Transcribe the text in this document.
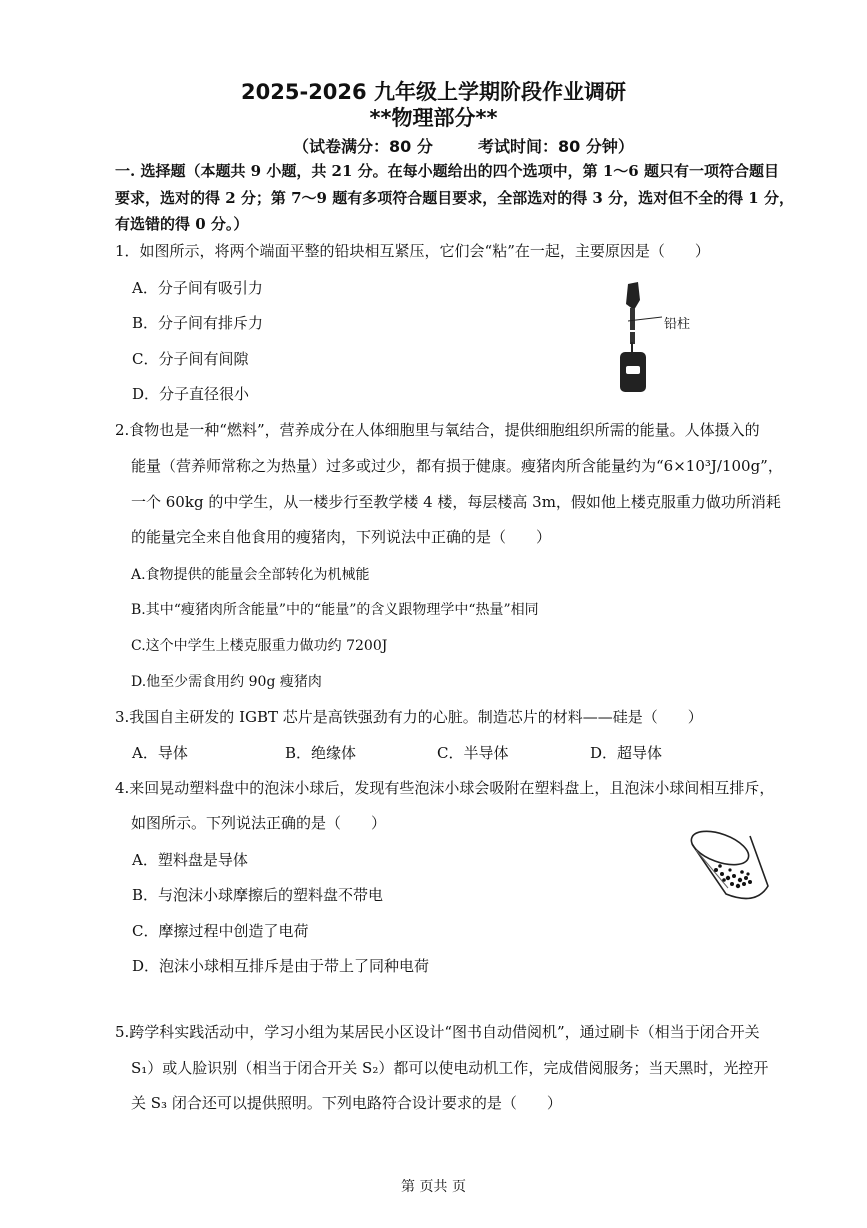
2025-2026 九年级上学期阶段作业调研
**物理部分**
（试卷满分：80 分	考试时间：80 分钟）
一. 选择题（本题共 9 小题，共 21 分。在每小题给出的四个选项中，第 1～6 题只有一项符合题目
要求，选对的得 2 分；第 7～9 题有多项符合题目要求，全部选对的得 3 分，选对但不全的得 1 分，
有选错的得 0 分。）
1．如图所示，将两个端面平整的铅块相互紧压，它们会“粘”在一起，主要原因是（　　）
A．分子间有吸引力
B．分子间有排斥力
C．分子间有间隙
D．分子直径很小
铅柱
2.食物也是一种“燃料”，营养成分在人体细胞里与氧结合，提供细胞组织所需的能量。人体摄入的
能量（营养师常称之为热量）过多或过少，都有损于健康。瘦猪肉所含能量约为“6×10³J/100g”，
一个 60kg 的中学生，从一楼步行至教学楼 4 楼，每层楼高 3m，假如他上楼克服重力做功所消耗
的能量完全来自他食用的瘦猪肉，下列说法中正确的是（　　）
A.食物提供的能量会全部转化为机械能
B.其中“瘦猪肉所含能量”中的“能量”的含义跟物理学中“热量”相同
C.这个中学生上楼克服重力做功约 7200J
D.他至少需食用约 90g 瘦猪肉
3.我国自主研发的 IGBT 芯片是高铁强劲有力的心脏。制造芯片的材料——硅是（　　）
A．导体	B．绝缘体	C．半导体	D．超导体
4.来回晃动塑料盘中的泡沫小球后，发现有些泡沫小球会吸附在塑料盘上，且泡沫小球间相互排斥，
如图所示。下列说法正确的是（　　）
A．塑料盘是导体
B．与泡沫小球摩擦后的塑料盘不带电
C．摩擦过程中创造了电荷
D．泡沫小球相互排斥是由于带上了同种电荷
5.跨学科实践活动中，学习小组为某居民小区设计“图书自动借阅机”，通过刷卡（相当于闭合开关
S₁）或人脸识别（相当于闭合开关 S₂）都可以使电动机工作，完成借阅服务；当天黑时，光控开
关 S₃ 闭合还可以提供照明。下列电路符合设计要求的是（　　）
第 页共 页
